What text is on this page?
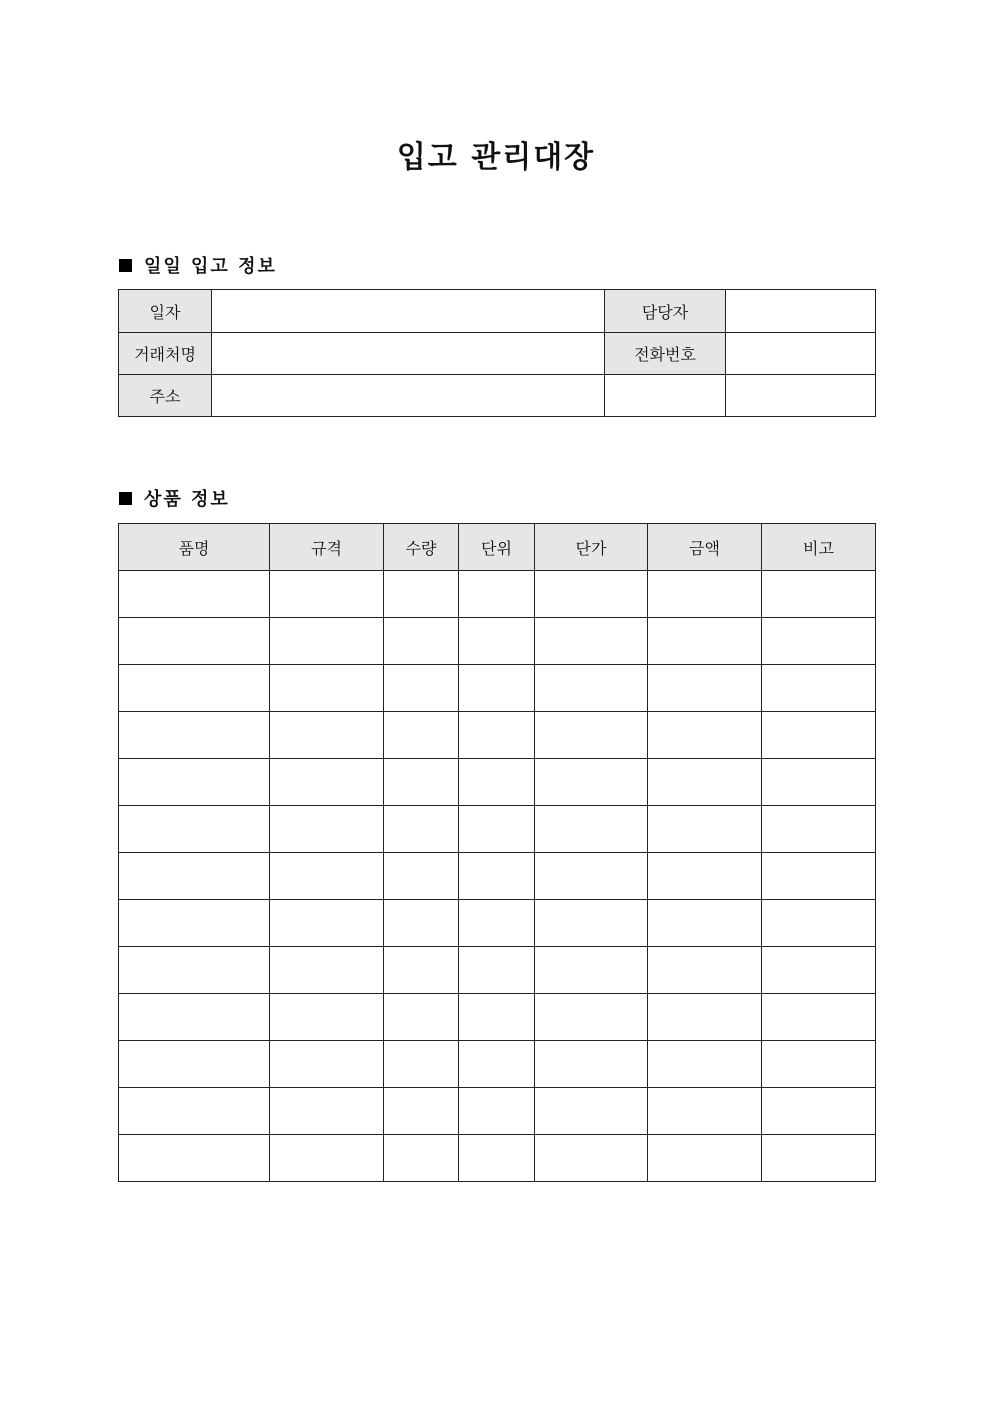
입고 관리대장
일일 입고 정보
일자		담당자	
거래처명		전화번호	
주소			
상품 정보
품명	규격	수량	단위	단가	금액	비고
